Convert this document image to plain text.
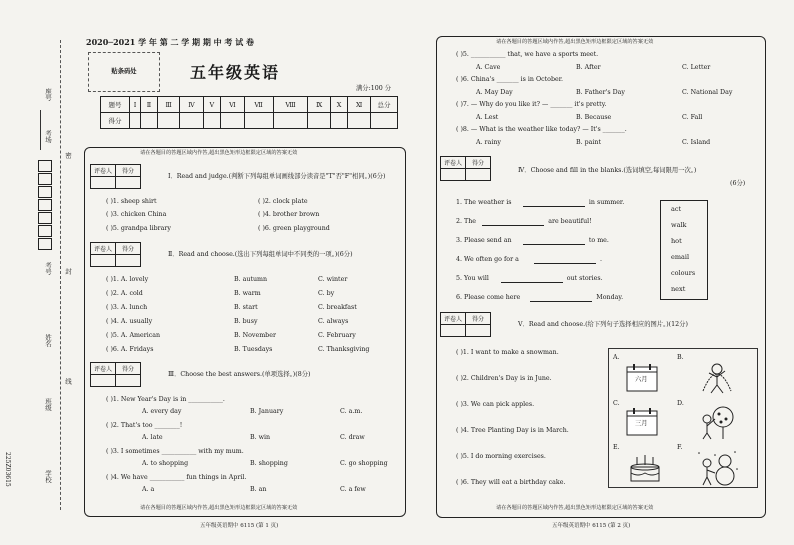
座号
考场
考号
姓名
班级
学校
225Z03615
密
封
线
2020─2021 学 年 第 二 学 期 期 中 考 试 卷
贴条码处	五年级英语
满分:100 分
题号	Ⅰ	Ⅱ	Ⅲ	Ⅳ	Ⅴ	Ⅵ	Ⅶ	Ⅷ	Ⅸ	Ⅹ	Ⅺ	总分
得分												
请在各题目的答题区域内作答,超出黑色矩形边框限定区域的答案无效
评卷人	得分

Ⅰ．Read and judge.(判断下列每组单词画线部分读音是"T"否"F"相同。)(6分)
( )1. sheep shirt	( )2. clock plate
( )3. chicken China	( )4. brother brown
( )5. grandpa library	( )6. green playground
评卷人	得分

Ⅱ．Read and choose.(选出下列每组单词中不同类的一项。)(6分)
评卷人	得分

Ⅲ．Choose the best answers.(单项选择。)(8分)
请在各题目的答题区域内作答,超出黑色矩形边框限定区域的答案无效
五年级英语期中 6115 (第 1 页)
请在各题目的答题区域内作答,超出黑色矩形边框限定区域的答案无效
评卷人	得分

Ⅳ．Choose and fill in the blanks.(选词填空,每词限用一次。)
(6分)
act
walk
hot
email
colours
next
评卷人	得分

Ⅴ．Read and choose.(给下列句子选择相应的图片。)(12分)
A.	B.
C.	D.
E.	F.
六月
三月
请在各题目的答题区域内作答,超出黑色矩形边框限定区域的答案无效
五年级英语期中 6115 (第 2 页)
( )1. A. lovely	B. autumn	C. winter
( )2. A. cold	B. warm	C. by
( )3. A. lunch	B. start	C. breakfast
( )4. A. usually	B. busy	C. always
( )5. A. American	B. November	C. February
( )6. A. Fridays	B. Tuesdays	C. Thanksgiving
( )1. New Year's Day is in ___________.
A. every day	B. January	C. a.m.
( )2. That's too ________!
A. late	B. win	C. draw
( )3. I sometimes ___________ with my mum.
A. to shopping	B. shopping	C. go shopping
( )4. We have ___________ fun things in April.
A. a	B. an	C. a few
( )5. ___________ that, we have a sports meet.
A. Cave	B. After	C. Letter
( )6. China's _______ is in October.
A. May Day	B. Father's Day	C. National Day
( )7. — Why do you like it? — _______ it's pretty.
A. Lest	B. Because	C. Fall
( )8. — What is the weather like today? — It's _______.
A. rainy	B. paint	C. Island
1. The weather is	in summer.
2. The	are beautiful!
3. Please send an	to me.
4. We often go for a	.
5. You will	out stories.
6. Please come here	Monday.
( )1. I want to make a snowman.
( )2. Children's Day is in June.
( )3. We can pick apples.
( )4. Tree Planting Day is in March.
( )5. I do morning exercises.
( )6. They will eat a birthday cake.
